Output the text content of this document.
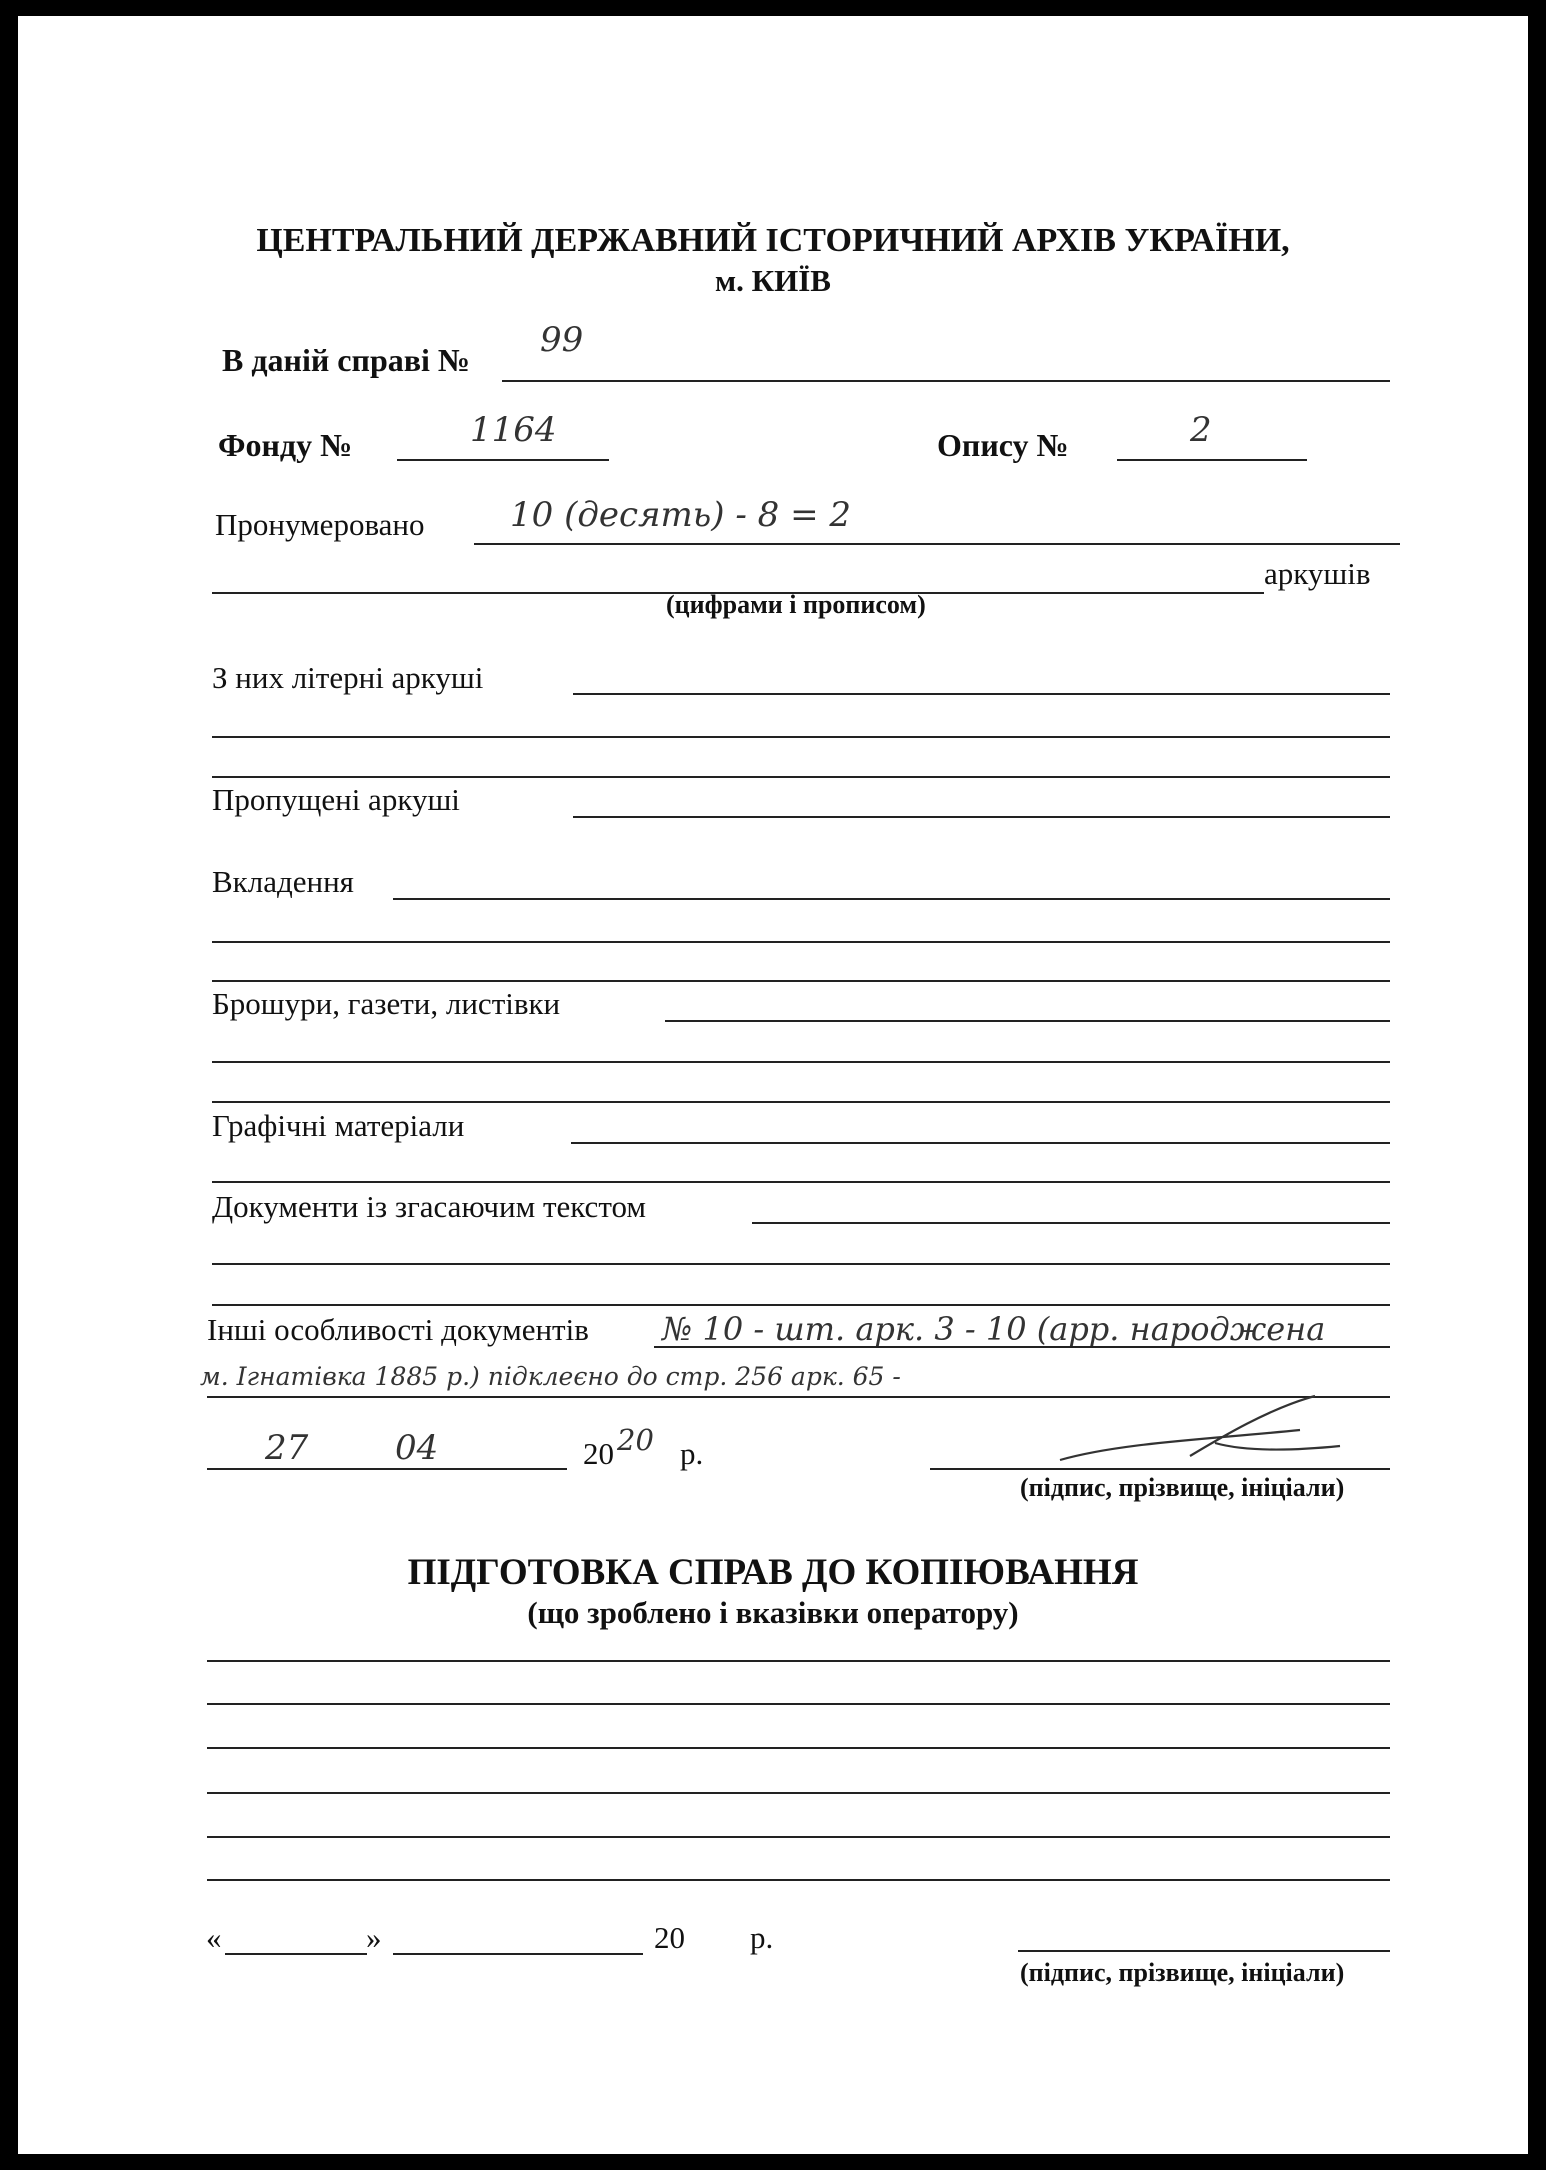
ЦЕНТРАЛЬНИЙ ДЕРЖАВНИЙ ІСТОРИЧНИЙ АРХІВ УКРАЇНИ,
м. КИЇВ
В даній справі № 99
Фонду №	1164	Опису №	2
Пронумеровано	10 (десять) - 8 = 2
аркушів
(цифрами і прописом)
З них літерні аркуші
Пропущені аркуші
Вкладення
Брошури, газети, листівки
Графічні матеріали
Документи із згасаючим текстом
Інші особливості документів № 10 - шт. арк. 3 - 10 (арр. народжена
м. Ігнатівка 1885 р.) підклеєно до стр. 256 арк. 65 -
27	04	20 20 р.
(підпис, прізвище, ініціали)
ПІДГОТОВКА СПРАВ ДО КОПІЮВАННЯ
(що зроблено і вказівки оператору)
«	»	20 р.
(підпис, прізвище, ініціали)
